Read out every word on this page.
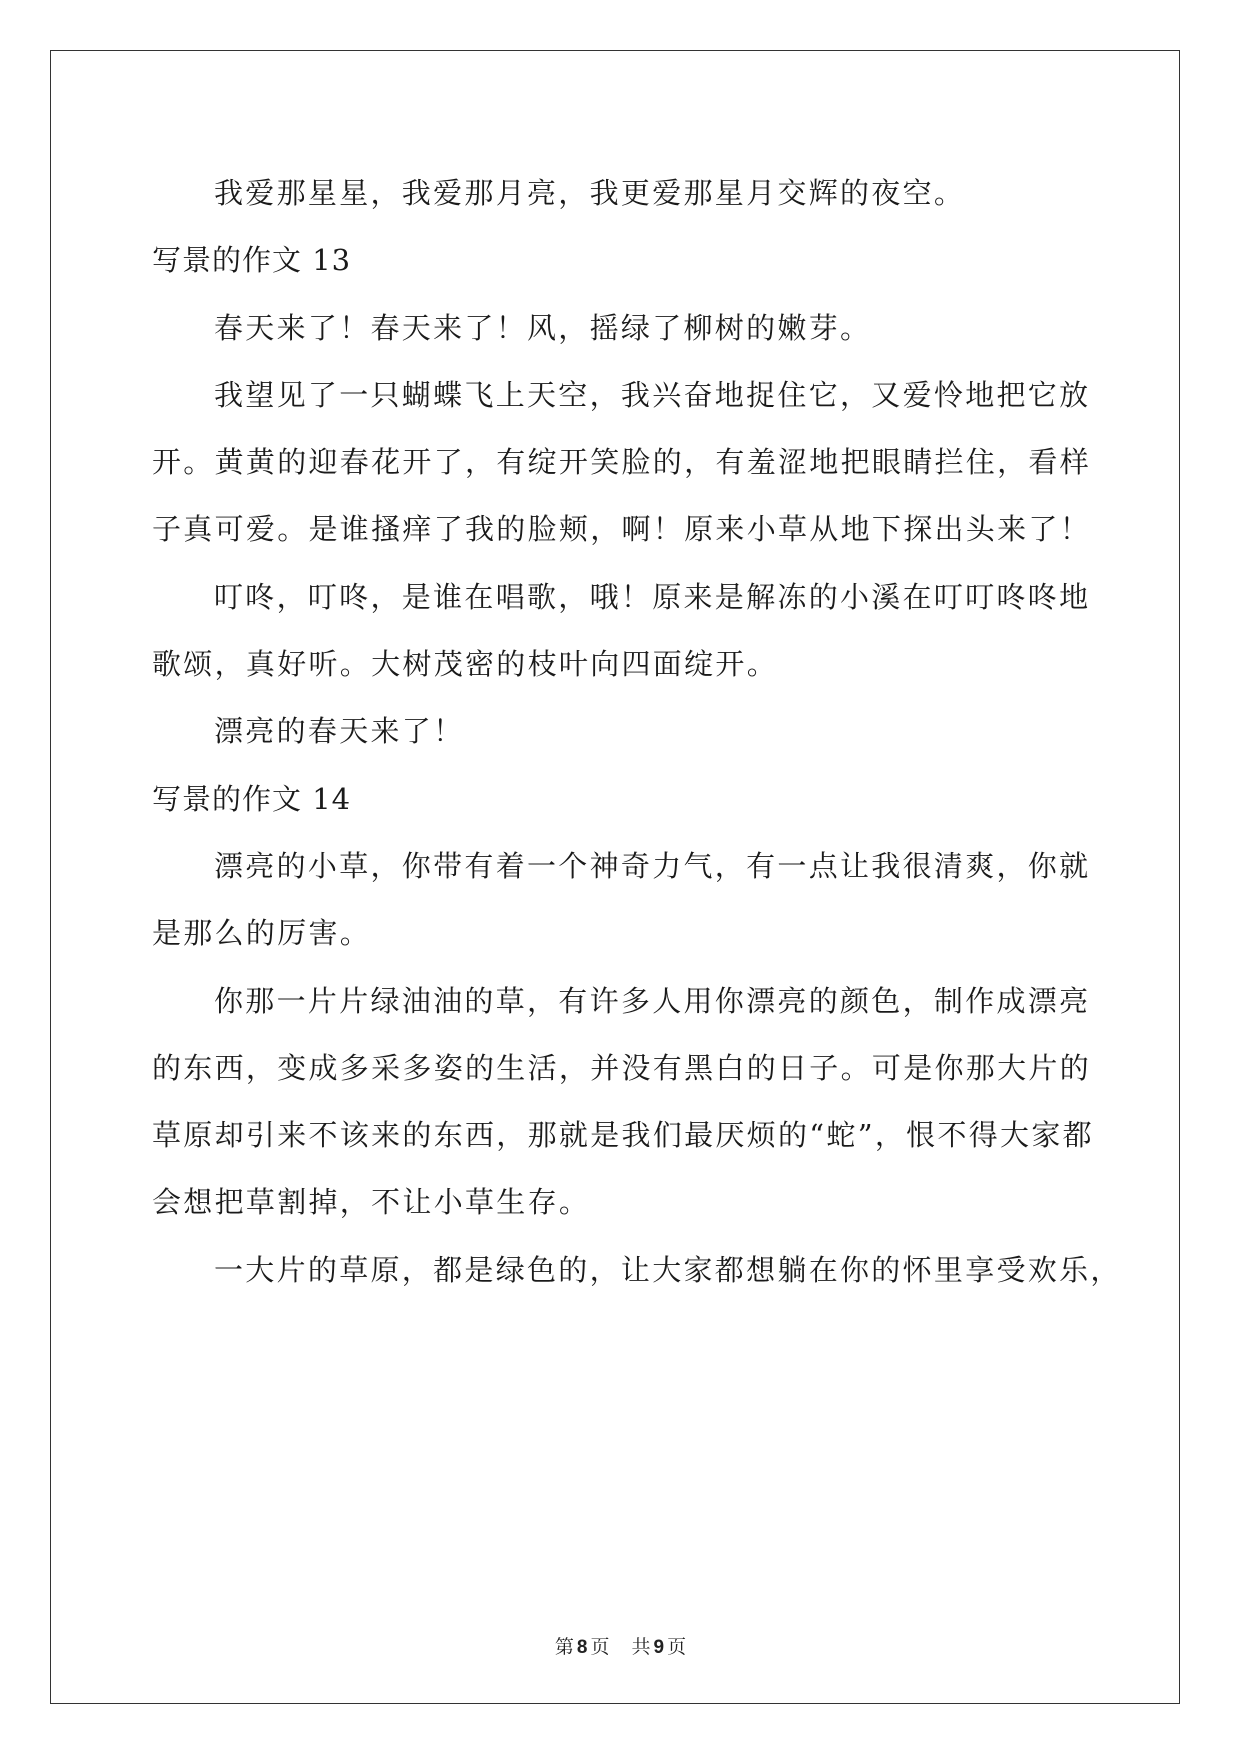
我爱那星星，我爱那月亮，我更爱那星月交辉的夜空。
写景的作文 13
春天来了！春天来了！风，摇绿了柳树的嫩芽。
我望见了一只蝴蝶飞上天空，我兴奋地捉住它，又爱怜地把它放
开。黄黄的迎春花开了，有绽开笑脸的，有羞涩地把眼睛拦住，看样
子真可爱。是谁搔痒了我的脸颊，啊！原来小草从地下探出头来了！
叮咚，叮咚，是谁在唱歌，哦！原来是解冻的小溪在叮叮咚咚地
歌颂，真好听。大树茂密的枝叶向四面绽开。
漂亮的春天来了！
写景的作文 14
漂亮的小草，你带有着一个神奇力气，有一点让我很清爽，你就
是那么的厉害。
你那一片片绿油油的草，有许多人用你漂亮的颜色，制作成漂亮
的东西，变成多采多姿的生活，并没有黑白的日子。可是你那大片的
草原却引来不该来的东西，那就是我们最厌烦的“蛇”，恨不得大家都
会想把草割掉，不让小草生存。
一大片的草原，都是绿色的，让大家都想躺在你的怀里享受欢乐，
第 8 页 共 9 页
